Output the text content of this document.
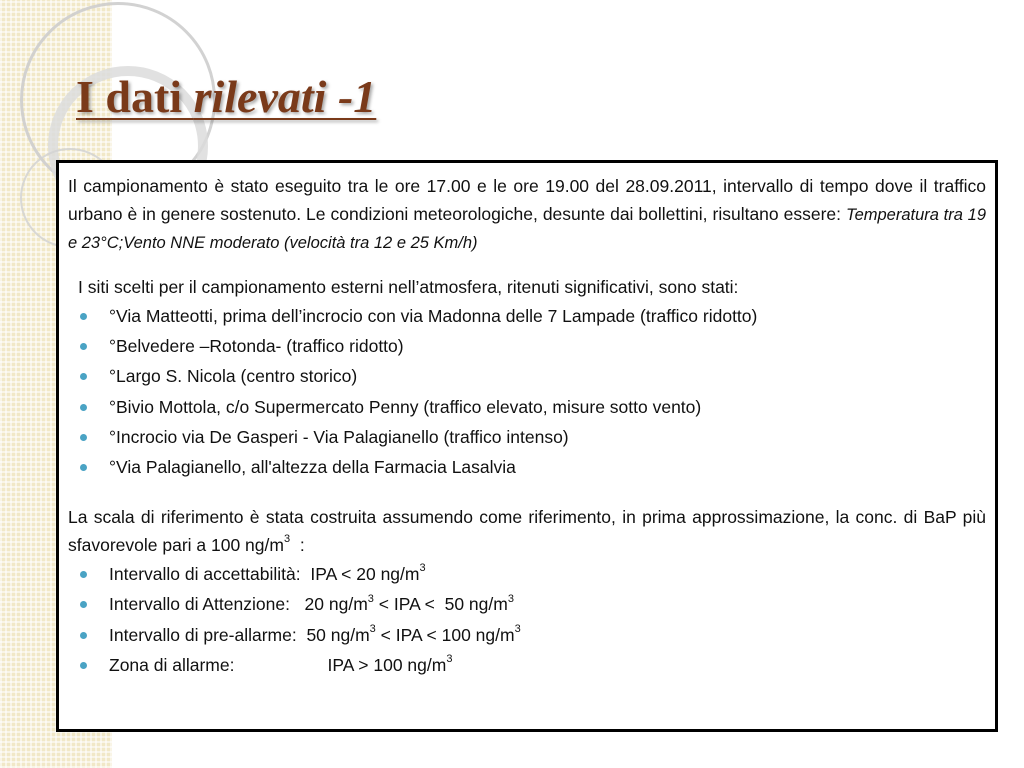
I dati rilevati -1

Il campionamento è stato eseguito tra le ore 17.00 e le ore 19.00 del 28.09.2011, intervallo di tempo dove il traffico urbano è in genere sostenuto. Le condizioni meteorologiche, desunte dai bollettini, risultano essere: Temperatura tra 19 e 23°C;Vento NNE moderato (velocità tra 12 e 25 Km/h)

I siti scelti per il campionamento esterni nell’atmosfera, ritenuti significativi, sono stati:

°Via Matteotti, prima dell’incrocio con via Madonna delle 7 Lampade (traffico ridotto)
°Belvedere –Rotonda- (traffico ridotto)
°Largo S. Nicola (centro storico)
°Bivio Mottola, c/o Supermercato Penny (traffico elevato, misure sotto vento)
°Incrocio via De Gasperi - Via Palagianello (traffico intenso)
°Via Palagianello, all'altezza della Farmacia Lasalvia

La scala di riferimento è stata costruita assumendo come riferimento, in prima approssimazione, la conc. di BaP più sfavorevole pari a 100 $ng/m^3$  :

Intervallo di accettabilità:  IPA < 20 $ng/m^3$
Intervallo di Attenzione:   20 $ng/m^3$ < IPA <  50 $ng/m^3$
Intervallo di pre-allarme:  50 $ng/m^3$ < IPA < 100 $ng/m^3$
Zona di allarme:	IPA > 100 $ng/m^3$
